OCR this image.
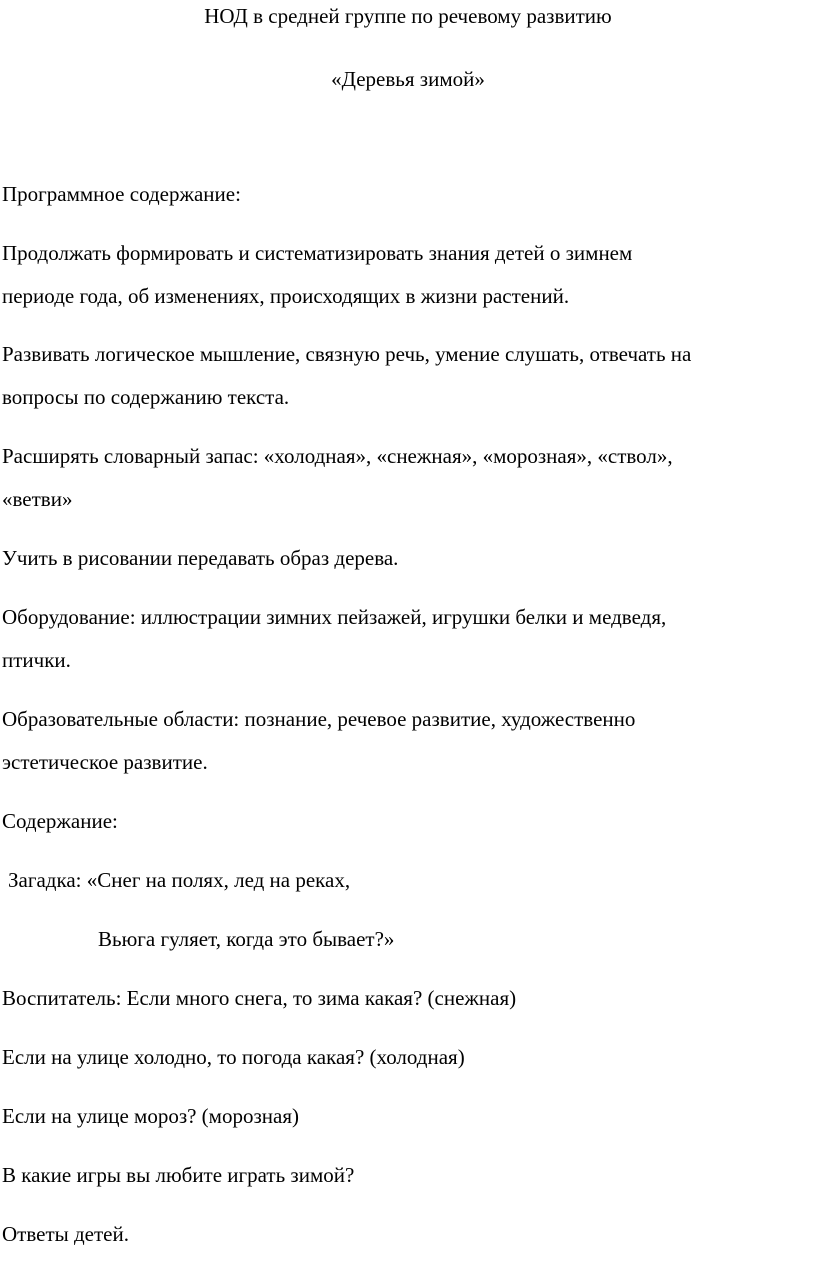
НОД в средней группе по речевому развитию
«Деревья зимой»
Программное содержание:
Продолжать формировать и систематизировать знания детей о зимнем
периоде года, об изменениях, происходящих в жизни растений.
Развивать логическое мышление, связную речь, умение слушать, отвечать на
вопросы по содержанию текста.
Расширять словарный запас: «холодная», «снежная», «морозная», «ствол»,
«ветви»
Учить в рисовании передавать образ дерева.
Оборудование: иллюстрации зимних пейзажей, игрушки белки и медведя,
птички.
Образовательные области: познание, речевое развитие, художественно
эстетическое развитие.
Содержание:
Загадка: «Снег на полях, лед на реках,
Вьюга гуляет, когда это бывает?»
Воспитатель: Если много снега, то зима какая? (снежная)
Если на улице холодно, то погода какая? (холодная)
Если на улице мороз? (морозная)
В какие игры вы любите играть зимой?
Ответы детей.
